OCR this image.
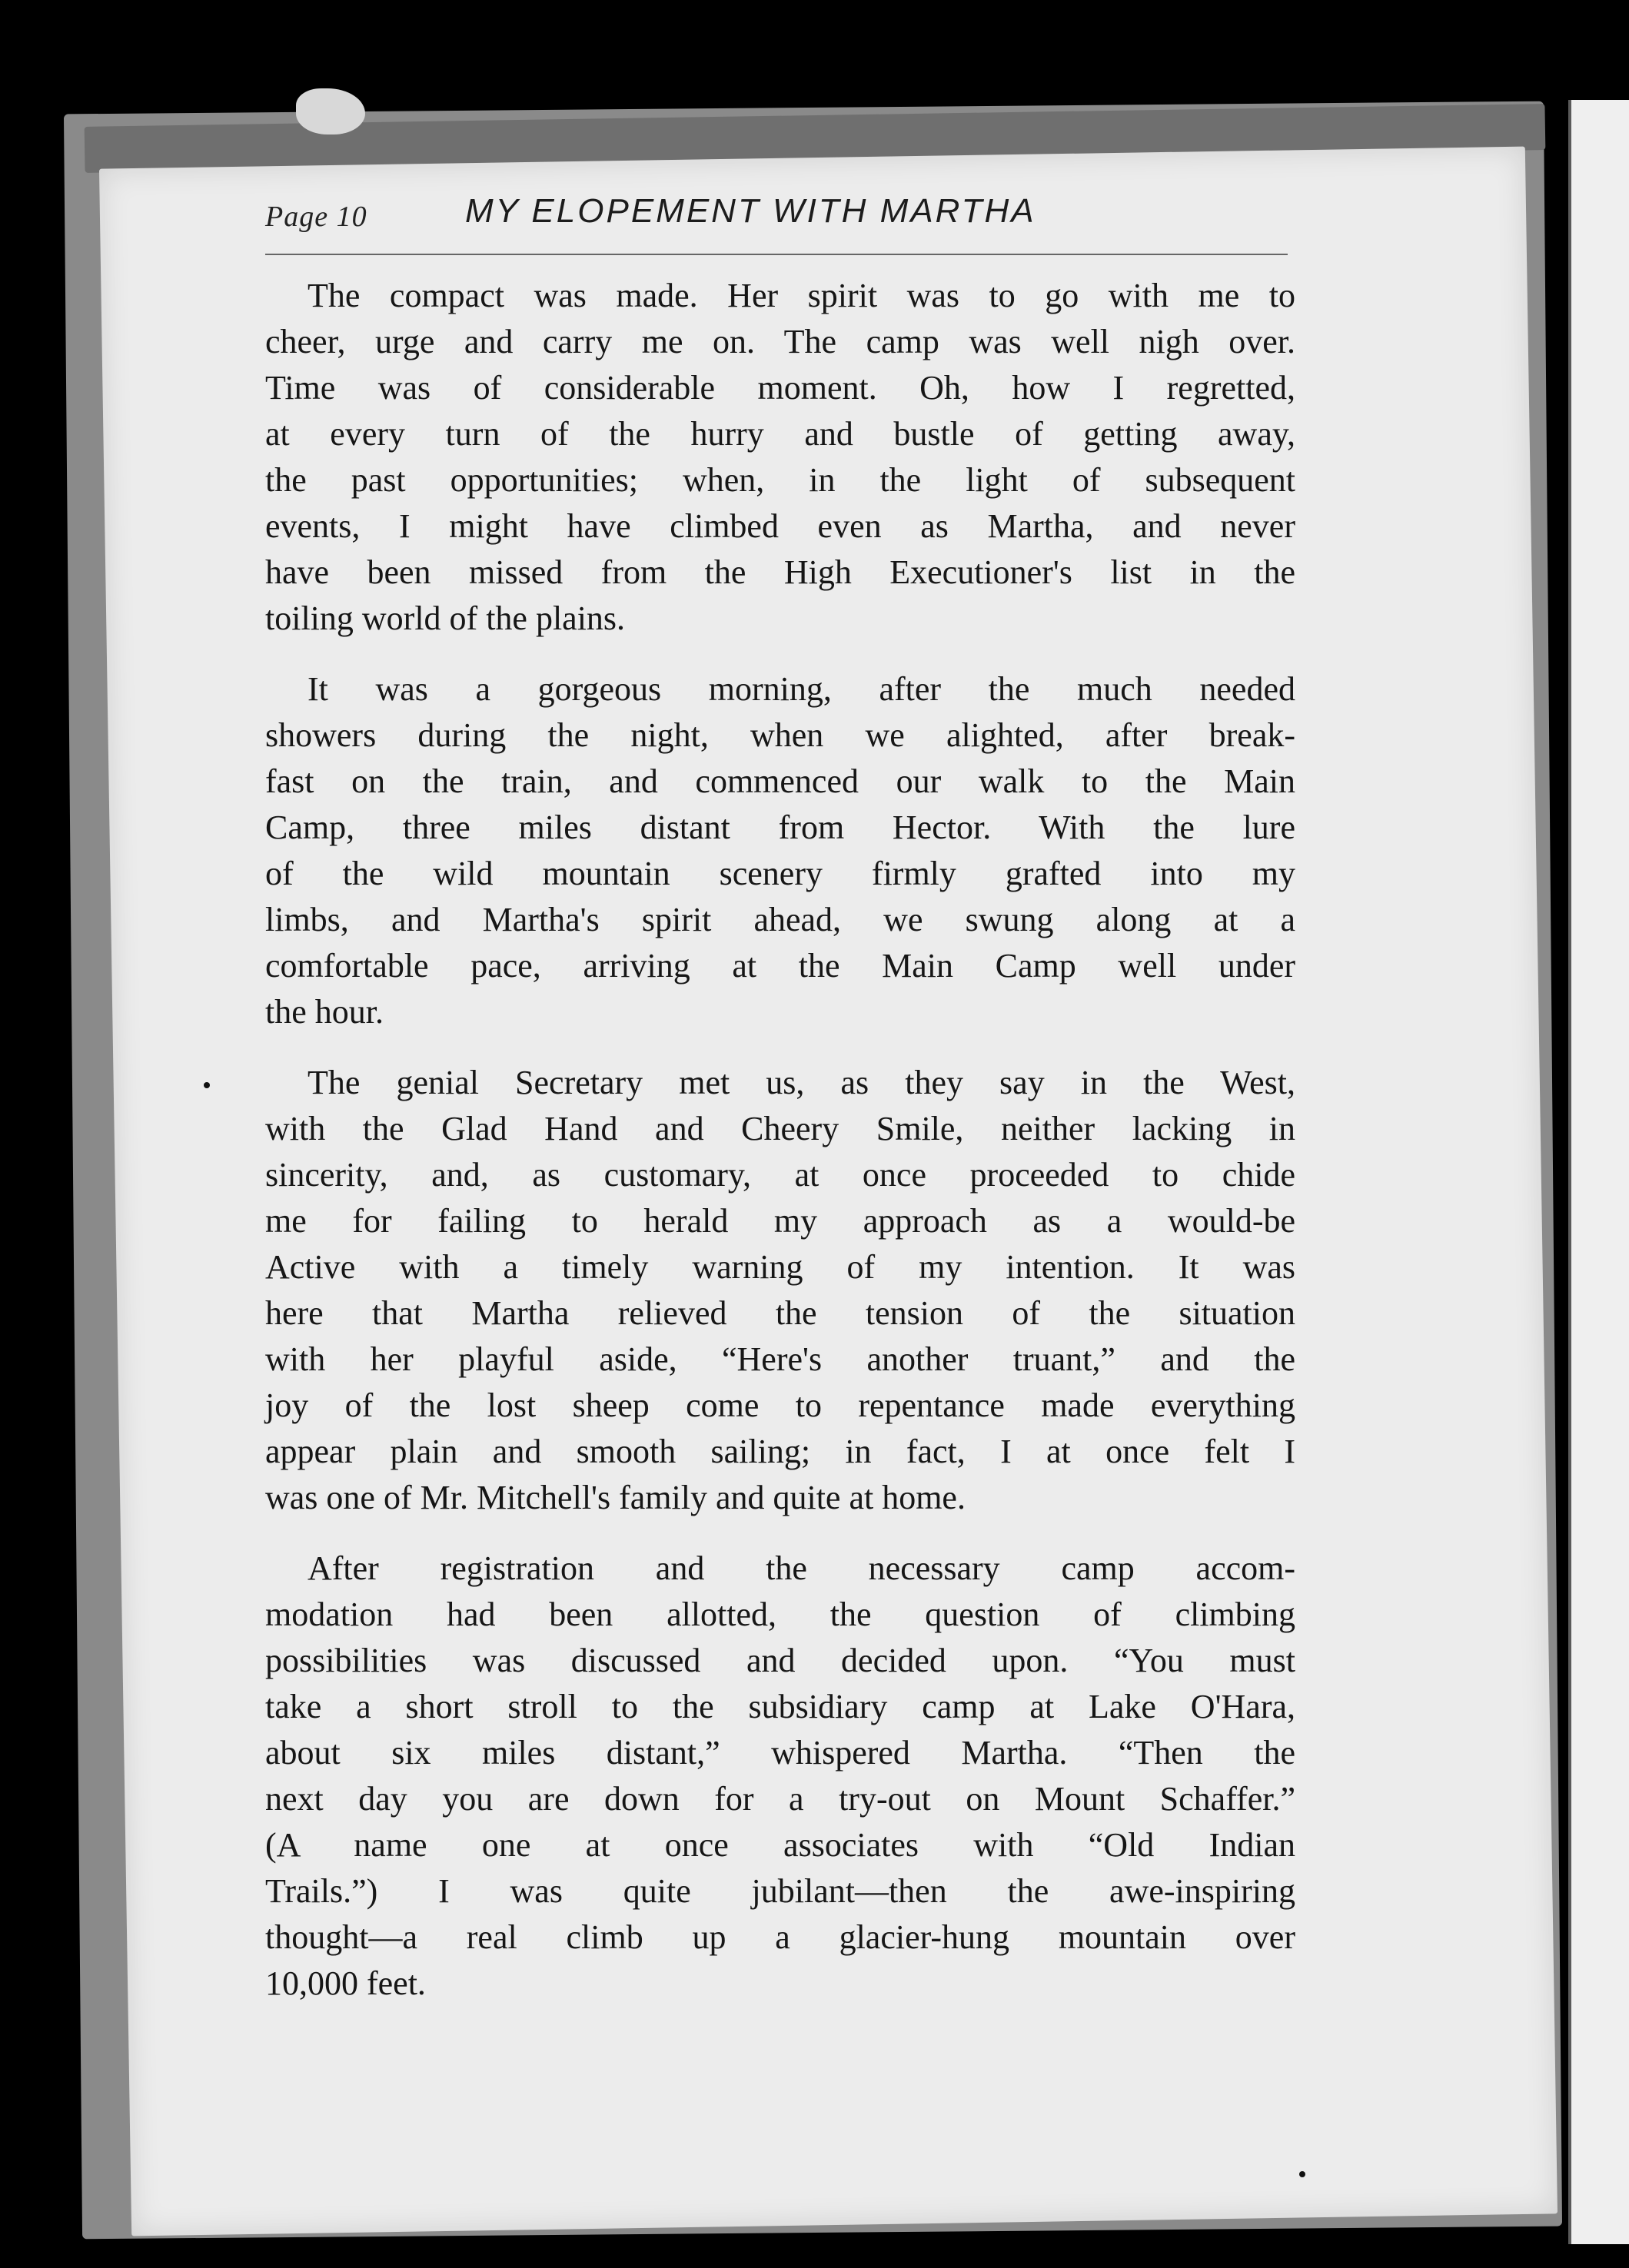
Page 10	MY ELOPEMENT WITH MARTHA
The compact was made. Her spirit was to go with me to
cheer, urge and carry me on. The camp was well nigh over.
Time was of considerable moment. Oh, how I regretted,
at every turn of the hurry and bustle of getting away,
the past opportunities; when, in the light of subsequent
events, I might have climbed even as Martha, and never
have been missed from the High Executioner's list in the
toiling world of the plains.
It was a gorgeous morning, after the much needed
showers during the night, when we alighted, after break-
fast on the train, and commenced our walk to the Main
Camp, three miles distant from Hector. With the lure
of the wild mountain scenery firmly grafted into my
limbs, and Martha's spirit ahead, we swung along at a
comfortable pace, arriving at the Main Camp well under
the hour.
The genial Secretary met us, as they say in the West,
with the Glad Hand and Cheery Smile, neither lacking in
sincerity, and, as customary, at once proceeded to chide
me for failing to herald my approach as a would-be
Active with a timely warning of my intention. It was
here that Martha relieved the tension of the situation
with her playful aside, “Here's another truant,” and the
joy of the lost sheep come to repentance made everything
appear plain and smooth sailing; in fact, I at once felt I
was one of Mr. Mitchell's family and quite at home.
After registration and the necessary camp accom-
modation had been allotted, the question of climbing
possibilities was discussed and decided upon. “You must
take a short stroll to the subsidiary camp at Lake O'Hara,
about six miles distant,” whispered Martha. “Then the
next day you are down for a try-out on Mount Schaffer.”
(A name one at once associates with “Old Indian
Trails.”) I was quite jubilant—then the awe-inspiring
thought—a real climb up a glacier-hung mountain over
10,000 feet.
